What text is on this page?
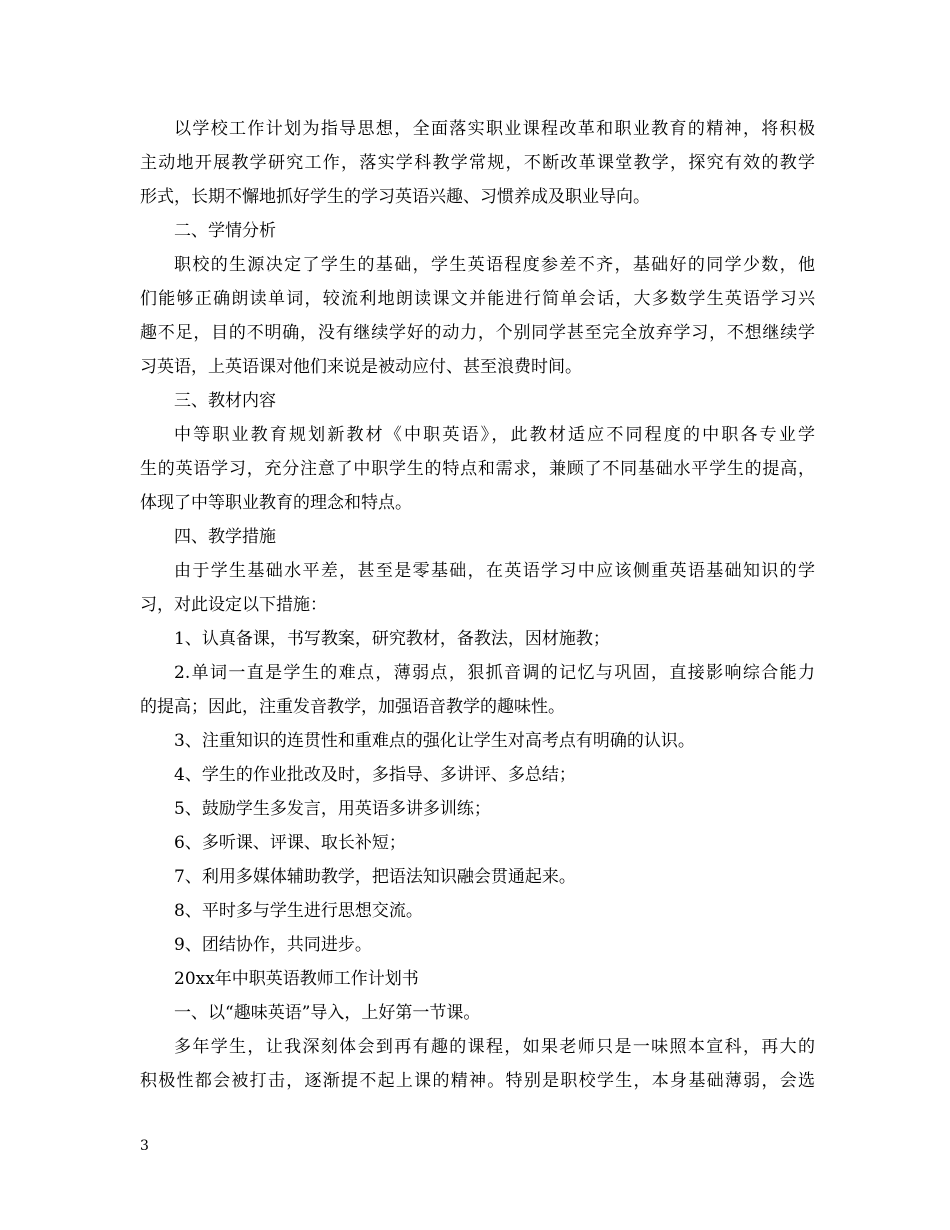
以学校工作计划为指导思想，全面落实职业课程改革和职业教育的精神，将积极
主动地开展教学研究工作，落实学科教学常规，不断改革课堂教学，探究有效的教学
形式，长期不懈地抓好学生的学习英语兴趣、习惯养成及职业导向。
二、学情分析
职校的生源决定了学生的基础，学生英语程度参差不齐，基础好的同学少数，他
们能够正确朗读单词，较流利地朗读课文并能进行简单会话，大多数学生英语学习兴
趣不足，目的不明确，没有继续学好的动力，个别同学甚至完全放弃学习，不想继续学
习英语，上英语课对他们来说是被动应付、甚至浪费时间。
三、教材内容
中等职业教育规划新教材《中职英语》，此教材适应不同程度的中职各专业学
生的英语学习，充分注意了中职学生的特点和需求，兼顾了不同基础水平学生的提高，
体现了中等职业教育的理念和特点。
四、教学措施
由于学生基础水平差，甚至是零基础，在英语学习中应该侧重英语基础知识的学
习，对此设定以下措施：
1、认真备课，书写教案，研究教材，备教法，因材施教；
2.单词一直是学生的难点，薄弱点，狠抓音调的记忆与巩固，直接影响综合能力
的提高；因此，注重发音教学，加强语音教学的趣味性。
3、注重知识的连贯性和重难点的强化让学生对高考点有明确的认识。
4、学生的作业批改及时，多指导、多讲评、多总结；
5、鼓励学生多发言，用英语多讲多训练；
6、多听课、评课、取长补短；
7、利用多媒体辅助教学，把语法知识融会贯通起来。
8、平时多与学生进行思想交流。
9、团结协作，共同进步。
20xx年中职英语教师工作计划书
一、以“趣味英语”导入，上好第一节课。
多年学生，让我深刻体会到再有趣的课程，如果老师只是一味照本宣科，再大的
积极性都会被打击，逐渐提不起上课的精神。特别是职校学生，本身基础薄弱，会选
3
